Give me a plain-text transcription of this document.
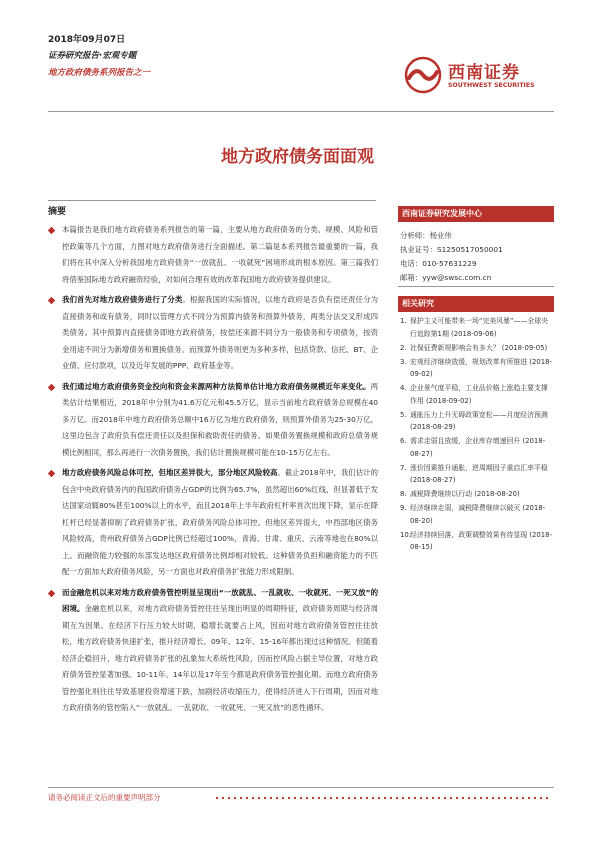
2018年09月07日
证券研究报告·宏观专题
地方政府债务系列报告之一	西南证券
SOUTHWEST SECURITIES
地方政府债务面面观
摘要
本篇报告是我们地方政府债务系列报告的第一篇，主要从地方政府债务的分类、规模、风险和管控政策等几个方面，力图对地方政府债务进行全面描述。第二篇是本系列报告最重要的一篇，我们将在其中深入分析我国地方政府债务“一放就乱、一收就死”困境形成的根本原因。第三篇我们将借鉴国际地方政府融资经验，对如何合理有效的改革我国地方政府债务提供建议。
我们首先对地方政府债务进行了分类。根据我国的实际情况，以地方政府是否负有偿还责任分为直接债务和或有债务，同时以管理方式不同分为预算内债务和预算外债务，两类分法交叉形成四类债务。其中预算内直接债务即地方政府债务，按偿还来源不同分为一般债务和专项债务，按资金用途不同分为新增债务和置换债务。而预算外债务则更为多种多样，包括贷款、信托、BT、企业债、应付款项，以及近年发展的PPP、政府基金等。
我们通过地方政府债务资金投向和资金来源两种方法简单估计地方政府债务规模近年来变化。两类估计结果相近，2018年中分别为41.6万亿元和45.5万亿，显示当前地方政府债务总规模在40多万亿。而2018年中地方政府债务总额中16万亿为地方政府债务，则预算外债务为25-30万亿，这里边包含了政府负有偿还责任以及担保和救助责任的债务。如果债务置换规模和政府总债务规模比例相同，那么再进行一次债务置换，我们估计置换规模可能在10-15万亿左右。
地方政府债务风险总体可控，但地区差异很大，部分地区风险较高。截止2018年中，我们估计的包含中央政府债务内的我国政府债务占GDP的比例为65.7%，虽然超出60%红线，但显著低于发达国家动辄80%甚至100%以上的水平，而且2018年上半年政府杠杆率首次出现下降，显示在降杠杆已经显著抑制了政府债务扩张，政府债务风险总体可控。但地区差异很大，中西部地区债务风险较高，贵州政府债务占GDP比例已经超过100%，青海、甘肃、重庆、云南等地也在80%以上。而融资能力较强的东部发达地区政府债务比例却相对较低。这种债务负担和融资能力的不匹配一方面加大政府债务风险，另一方面也对政府债务扩张能力形成限制。
而金融危机以来对地方政府债务管控明显呈现出“一放就乱、一乱就收、一收就死、一死又放”的困境。金融危机以来，对地方政府债务管控往往呈现出明显的周期特征，政府债务周期与经济周期互为因果。在经济下行压力较大时期，稳增长就要占上风，因而对地方政府债务管控往往放松，地方政府债务快速扩张，推升经济增长。09年、12年、15-16年都出现过这种情况。但随着经济企稳回升，地方政府债务扩张的乱象加大系统性风险，因而控风险占据主导位置，对地方政府债务管控显著加强。10-11年、14年以及17年至今都是政府债务管控强化期。而地方政府债务管控强化则往往导致基建投资增速下跌，加剧经济收缩压力，使得经济进入下行周期，因而对地方政府债务的管控陷入“一放就乱、一乱就收、一收就死、一死又放”的恶性循环。
西南证券研究发展中心
分析师：杨业伟
执业证号：S1250517050001
电话：010-57631229
邮箱：yyw@swsc.com.cn
相关研究
1. 保护主义可能带来一场“完美风暴”——全球央行追踪第1期 (2018-09-06)
2. 社保征费新规影响会有多大？ (2018-09-05)
3. 宏观经济继续放缓，规划改革有所推进 (2018-09-02)
4. 企业景气度平稳，工业品价格上涨趋主要支撑作用 (2018-09-02)
5. 通胀压力上升无碍政策宽松——月度经济预测 (2018-08-29)
6. 需求走弱且放缓，企业库存增速回升 (2018-08-27)
7. 涨价因素推升通胀，逆周期因子重启汇率平稳 (2018-08-27)
8. 减税降费继续以行动 (2018-08-20)
9. 经济继续走弱，减税降费继续以破灭 (2018-08-20)
10. 经济持续回落，政策调整效果有待显现 (2018-08-15)
请务必阅读正文后的重要声明部分
